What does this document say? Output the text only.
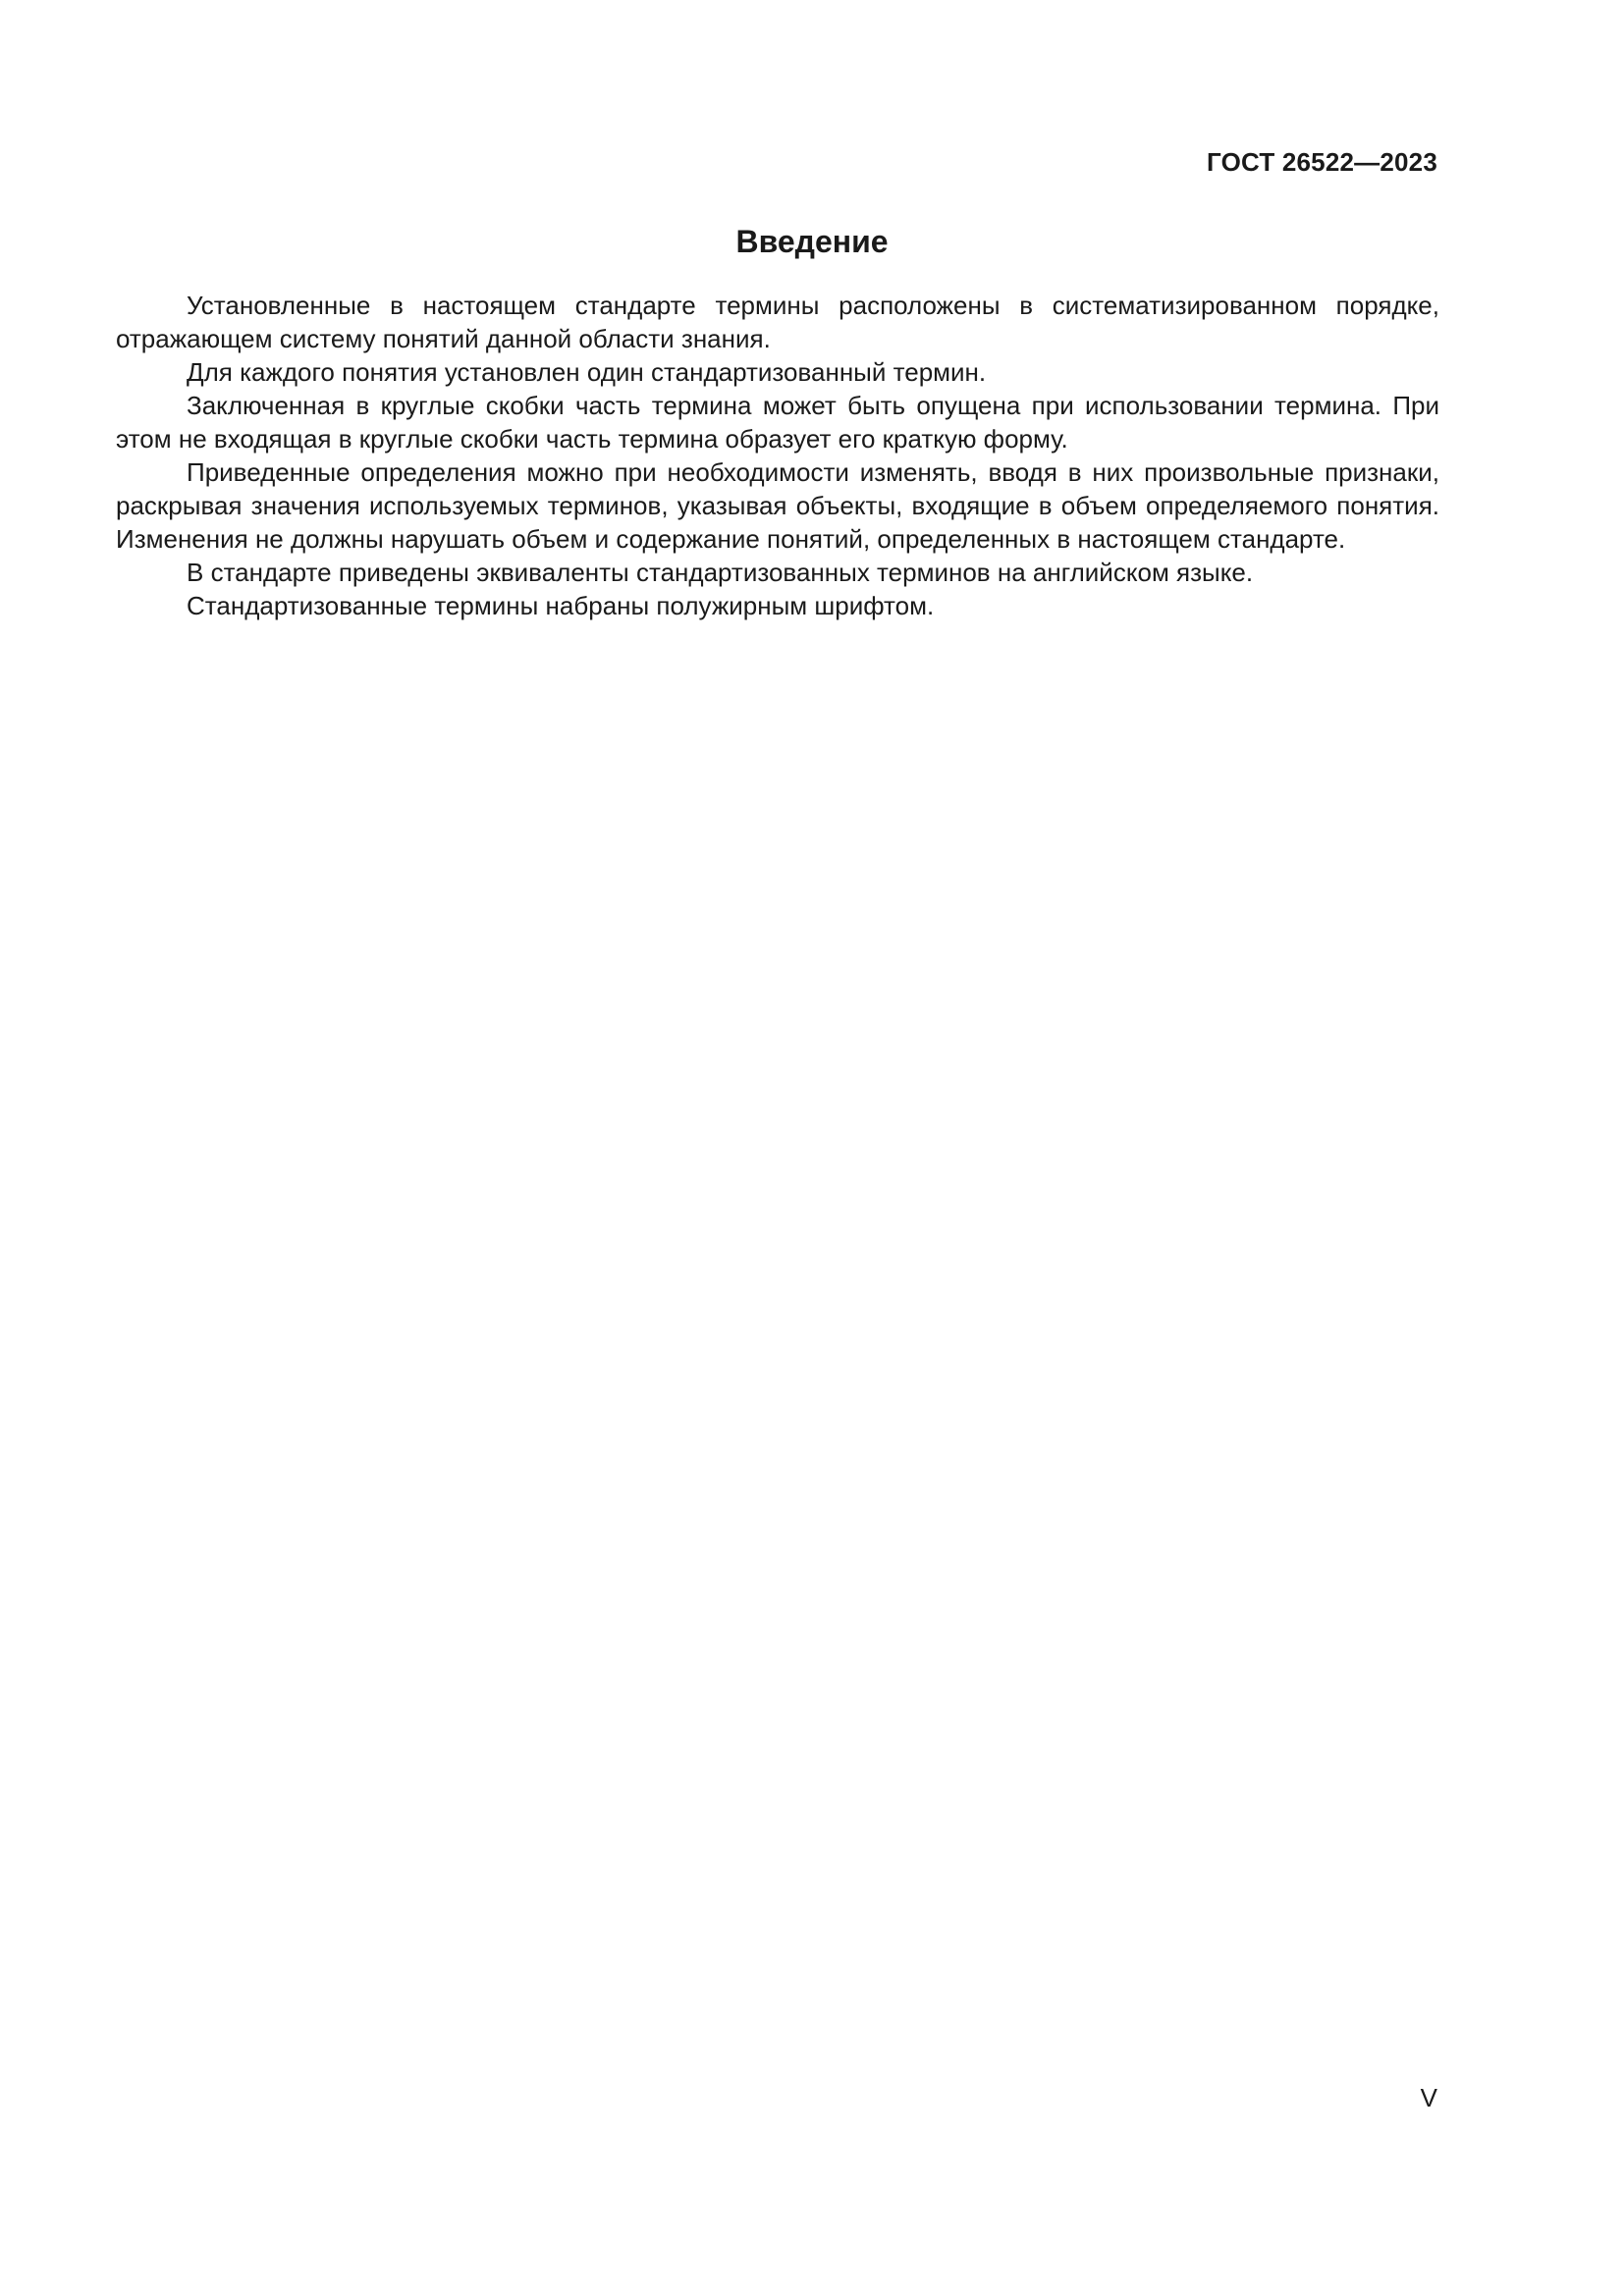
ГОСТ 26522—2023
Введение

Установленные в настоящем стандарте термины расположены в систематизированном порядке, отражающем систему понятий данной области знания.

Для каждого понятия установлен один стандартизованный термин.

Заключенная в круглые скобки часть термина может быть опущена при использовании термина. При этом не входящая в круглые скобки часть термина образует его краткую форму.

Приведенные определения можно при необходимости изменять, вводя в них произвольные признаки, раскрывая значения используемых терминов, указывая объекты, входящие в объем определяемого понятия. Изменения не должны нарушать объем и содержание понятий, определенных в настоящем стандарте.

В стандарте приведены эквиваленты стандартизованных терминов на английском языке.

Стандартизованные термины набраны полужирным шрифтом.

V
